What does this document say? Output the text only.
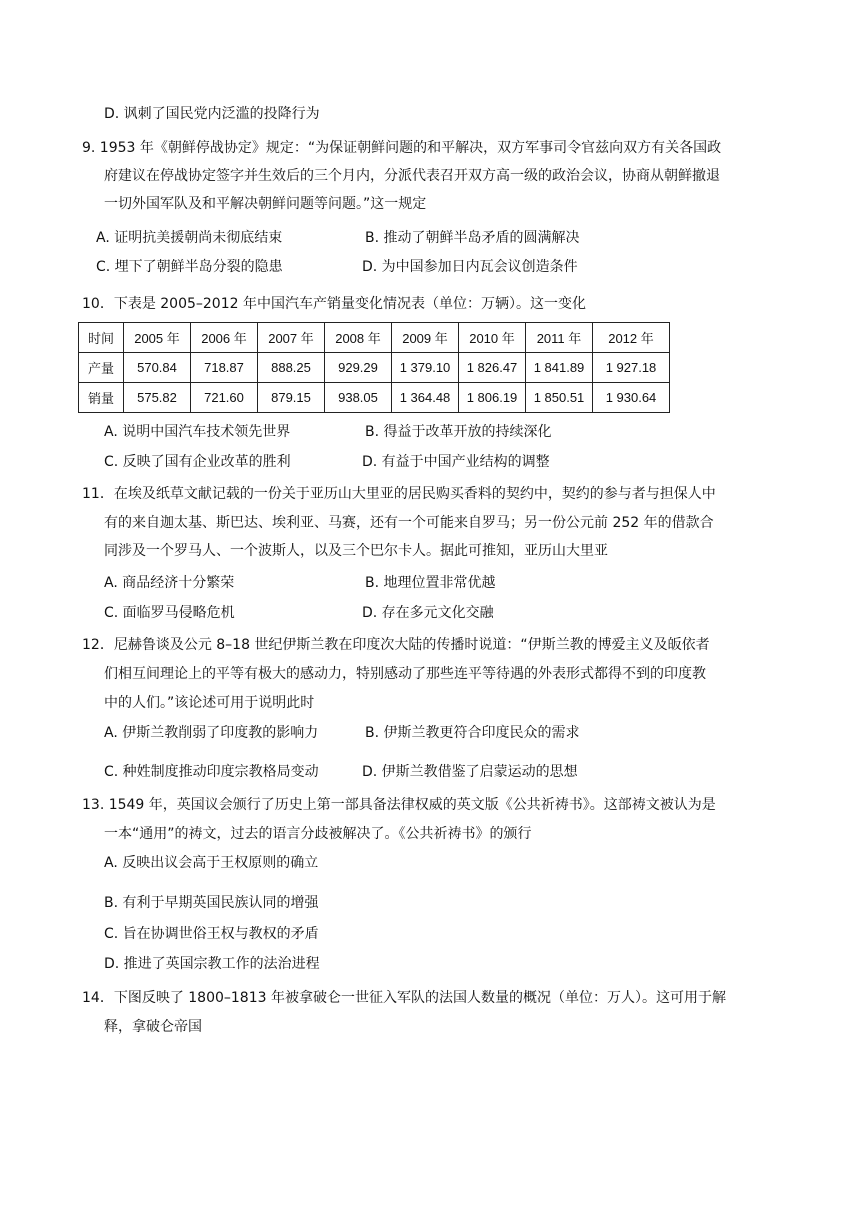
D. 讽刺了国民党内泛滥的投降行为
9. 1953 年《朝鲜停战协定》规定：“为保证朝鲜问题的和平解决，双方军事司令官兹向双方有关各国政
府建议在停战协定签字并生效后的三个月内，分派代表召开双方高一级的政治会议，协商从朝鲜撤退
一切外国军队及和平解决朝鲜问题等问题。”这一规定
A. 证明抗美援朝尚未彻底结束	B. 推动了朝鲜半岛矛盾的圆满解决
C. 埋下了朝鲜半岛分裂的隐患	D. 为中国参加日内瓦会议创造条件
10．下表是 2005–2012 年中国汽车产销量变化情况表（单位：万辆）。这一变化
时间	2005 年	2006 年	2007 年	2008 年	2009 年	2010 年	2011 年	2012 年
产量	570.84	718.87	888.25	929.29	1 379.10	1 826.47	1 841.89	1 927.18
销量	575.82	721.60	879.15	938.05	1 364.48	1 806.19	1 850.51	1 930.64
A. 说明中国汽车技术领先世界	B. 得益于改革开放的持续深化
C. 反映了国有企业改革的胜利	D. 有益于中国产业结构的调整
11．在埃及纸草文献记载的一份关于亚历山大里亚的居民购买香料的契约中，契约的参与者与担保人中
有的来自迦太基、斯巴达、埃利亚、马赛，还有一个可能来自罗马；另一份公元前 252 年的借款合
同涉及一个罗马人、一个波斯人，以及三个巴尔卡人。据此可推知，亚历山大里亚
A. 商品经济十分繁荣	B. 地理位置非常优越
C. 面临罗马侵略危机	D. 存在多元文化交融
12．尼赫鲁谈及公元 8–18 世纪伊斯兰教在印度次大陆的传播时说道：“伊斯兰教的博爱主义及皈依者
们相互间理论上的平等有极大的感动力，特别感动了那些连平等待遇的外表形式都得不到的印度教
中的人们。”该论述可用于说明此时
A. 伊斯兰教削弱了印度教的影响力	B. 伊斯兰教更符合印度民众的需求
C. 种姓制度推动印度宗教格局变动	D. 伊斯兰教借鉴了启蒙运动的思想
13. 1549 年，英国议会颁行了历史上第一部具备法律权威的英文版《公共祈祷书》。这部祷文被认为是
一本“通用”的祷文，过去的语言分歧被解决了。《公共祈祷书》的颁行
A. 反映出议会高于王权原则的确立
B. 有利于早期英国民族认同的增强
C. 旨在协调世俗王权与教权的矛盾
D. 推进了英国宗教工作的法治进程
14．下图反映了 1800–1813 年被拿破仑一世征入军队的法国人数量的概况（单位：万人）。这可用于解
释，拿破仑帝国
